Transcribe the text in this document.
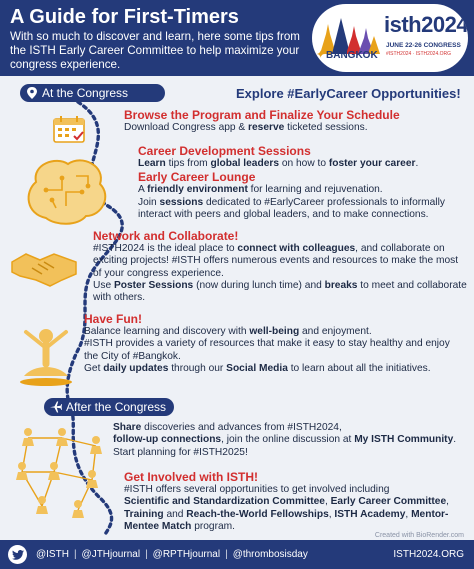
A Guide for First-Timers
With so much to discover and learn, here some tips from the ISTH Early Career Committee to help maximize your congress experience.
✦ BANGKOK
isth2024
JUNE 22-26 CONGRESS
#ISTH2024 · ISTH2024.ORG
At the Congress
After the Congress
Explore #EarlyCareer Opportunities!
Browse the Program and Finalize Your Schedule
Download Congress app & reserve ticketed sessions.
Career Development Sessions
Learn tips from global leaders on how to foster your career.
Early Career Lounge
A friendly environment for learning and rejuvenation.
Join sessions dedicated to #EarlyCareer professionals to informally interact with peers and global leaders, and to make connections.
Network and Collaborate!
#ISTH2024 is the ideal place to connect with colleagues, and collaborate on exciting projects! #ISTH offers numerous events and resources to make the most of your congress experience.
Use Poster Sessions (now during lunch time) and breaks to meet and collaborate with others.
Have Fun!
Balance learning and discovery with well-being and enjoyment.
#ISTH provides a variety of resources that make it easy to stay healthy and enjoy the City of #Bangkok.
Get daily updates through our Social Media to learn about all the initiatives.
Share discoveries and advances from #ISTH2024,
follow-up connections, join the online discussion at My ISTH Community. Start planning for #ISTH2025!
Get Involved with ISTH!
#ISTH offers several opportunities to get involved including
Scientific and Standardization Committee, Early Career Committee, Training and Reach-the-World Fellowships, ISTH Academy, Mentor-Mentee Match program.
Created with BioRender.com
@ISTH | @JTHjournal | @RPTHjournal | @thrombosisday	ISTH2024.ORG
